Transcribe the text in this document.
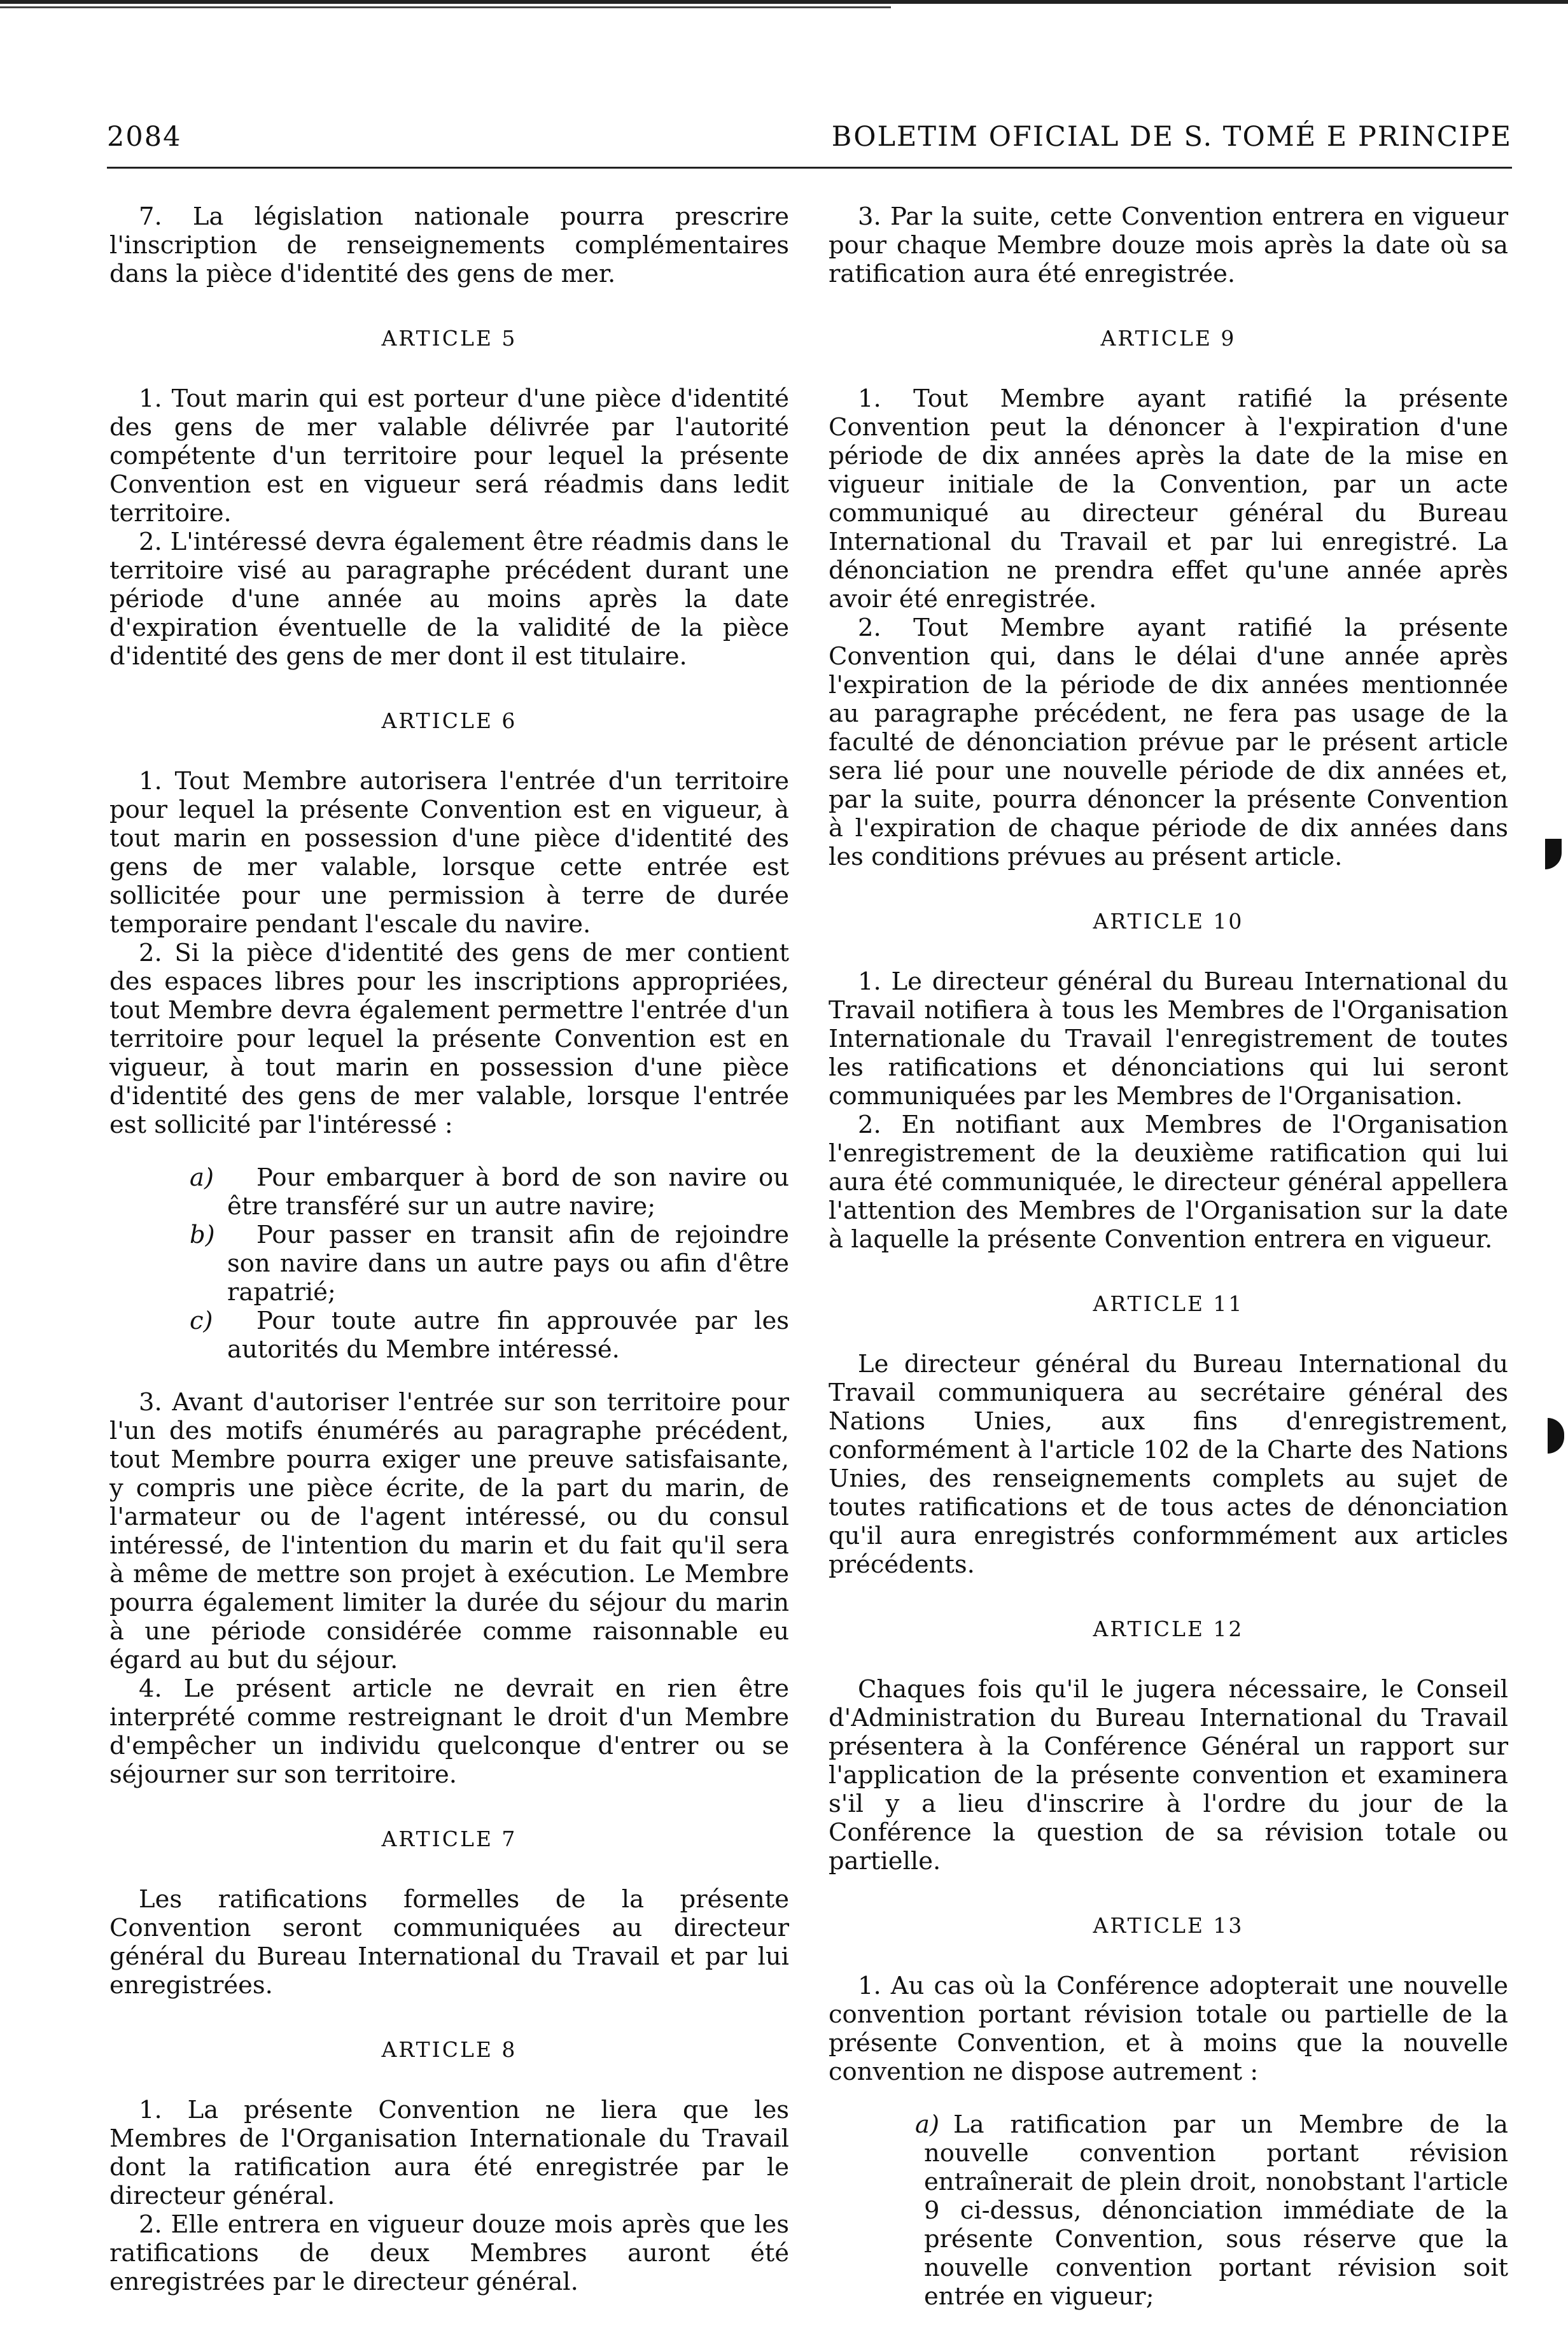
2084	BOLETIM OFICIAL DE S. TOMÉ E PRINCIPE

7. La législation nationale pourra prescrire l'inscription de renseignements complémentaires dans la pièce d'identité des gens de mer.

ARTICLE 5

1. Tout marin qui est porteur d'une pièce d'identité des gens de mer valable délivrée par l'autorité compétente d'un territoire pour lequel la présente Convention est en vigueur será réadmis dans ledit territoire.

2. L'intéressé devra également être réadmis dans le territoire visé au paragraphe précédent durant une période d'une année au moins après la date d'expiration éventuelle de la validité de la pièce d'identité des gens de mer dont il est titulaire.

ARTICLE 6

1. Tout Membre autorisera l'entrée d'un territoire pour lequel la présente Convention est en vigueur, à tout marin en possession d'une pièce d'identité des gens de mer valable, lorsque cette entrée est sollicitée pour une permission à terre de durée temporaire pendant l'escale du navire.

2. Si la pièce d'identité des gens de mer contient des espaces libres pour les inscriptions appropriées, tout Membre devra également permettre l'entrée d'un territoire pour lequel la présente Convention est en vigueur, à tout marin en possession d'une pièce d'identité des gens de mer valable, lorsque l'entrée est sollicité par l'intéressé :

a) Pour embarquer à bord de son navire ou être transféré sur un autre navire;

b) Pour passer en transit afin de rejoindre son navire dans un autre pays ou afin d'être rapatrié;

c) Pour toute autre fin approuvée par les autorités du Membre intéressé.

3. Avant d'autoriser l'entrée sur son territoire pour l'un des motifs énumérés au paragraphe précédent, tout Membre pourra exiger une preuve satisfaisante, y compris une pièce écrite, de la part du marin, de l'armateur ou de l'agent intéressé, ou du consul intéressé, de l'intention du marin et du fait qu'il sera à même de mettre son projet à exécution. Le Membre pourra également limiter la durée du séjour du marin à une période considérée comme raisonnable eu égard au but du séjour.

4. Le présent article ne devrait en rien être interprété comme restreignant le droit d'un Membre d'empêcher un individu quelconque d'entrer ou se séjourner sur son territoire.

ARTICLE 7

Les ratifications formelles de la présente Convention seront communiquées au directeur général du Bureau International du Travail et par lui enregistrées.

ARTICLE 8

1. La présente Convention ne liera que les Membres de l'Organisation Internationale du Travail dont la ratification aura été enregistrée par le directeur général.

2. Elle entrera en vigueur douze mois après que les ratifications de deux Membres auront été enregistrées par le directeur général.

3. Par la suite, cette Convention entrera en vigueur pour chaque Membre douze mois après la date où sa ratification aura été enregistrée.

ARTICLE 9

1. Tout Membre ayant ratifié la présente Convention peut la dénoncer à l'expiration d'une période de dix années après la date de la mise en vigueur initiale de la Convention, par un acte communiqué au directeur général du Bureau International du Travail et par lui enregistré. La dénonciation ne prendra effet qu'une année après avoir été enregistrée.

2. Tout Membre ayant ratifié la présente Convention qui, dans le délai d'une année après l'expiration de la période de dix années mentionnée au paragraphe précédent, ne fera pas usage de la faculté de dénonciation prévue par le présent article sera lié pour une nouvelle période de dix années et, par la suite, pourra dénoncer la présente Convention à l'expiration de chaque période de dix années dans les conditions prévues au présent article.

ARTICLE 10

1. Le directeur général du Bureau International du Travail notifiera à tous les Membres de l'Organisation Internationale du Travail l'enregistrement de toutes les ratifications et dénonciations qui lui seront communiquées par les Membres de l'Organisation.

2. En notifiant aux Membres de l'Organisation l'enregistrement de la deuxième ratification qui lui aura été communiquée, le directeur général appellera l'attention des Membres de l'Organisation sur la date à laquelle la présente Convention entrera en vigueur.

ARTICLE 11

Le directeur général du Bureau International du Travail communiquera au secrétaire général des Nations Unies, aux fins d'enregistrement, conformément à l'article 102 de la Charte des Nations Unies, des renseignements complets au sujet de toutes ratifications et de tous actes de dénonciation qu'il aura enregistrés conformmément aux articles précédents.

ARTICLE 12

Chaques fois qu'il le jugera nécessaire, le Conseil d'Administration du Bureau International du Travail présentera à la Conférence Général un rapport sur l'application de la présente convention et examinera s'il y a lieu d'inscrire à l'ordre du jour de la Conférence la question de sa révision totale ou partielle.

ARTICLE 13

1. Au cas où la Conférence adopterait une nouvelle convention portant révision totale ou partielle de la présente Convention, et à moins que la nouvelle convention ne dispose autrement :

a) La ratification par un Membre de la nouvelle convention portant révision entraînerait de plein droit, nonobstant l'article 9 ci-dessus, dénonciation immédiate de la présente Convention, sous réserve que la nouvelle convention portant révision soit entrée en vigueur;
